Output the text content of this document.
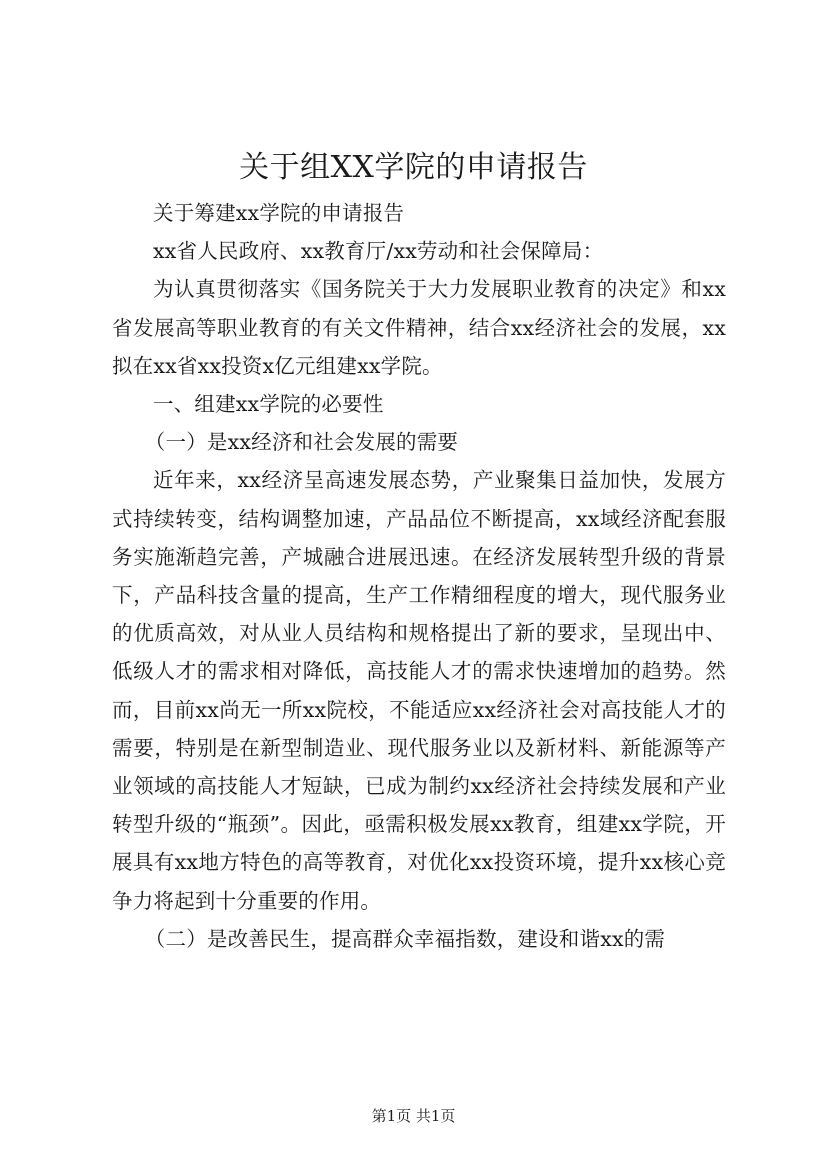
关于组XX学院的申请报告

关于筹建xx学院的申请报告

xx省人民政府、xx教育厅/xx劳动和社会保障局：

为认真贯彻落实《国务院关于大力发展职业教育的决定》和xx省发展高等职业教育的有关文件精神，结合xx经济社会的发展，xx拟在xx省xx投资x亿元组建xx学院。

一、组建xx学院的必要性

（一）是xx经济和社会发展的需要

近年来，xx经济呈高速发展态势，产业聚集日益加快，发展方式持续转变，结构调整加速，产品品位不断提高，xx域经济配套服务实施渐趋完善，产城融合进展迅速。在经济发展转型升级的背景下，产品科技含量的提高，生产工作精细程度的增大，现代服务业的优质高效，对从业人员结构和规格提出了新的要求，呈现出中、低级人才的需求相对降低，高技能人才的需求快速增加的趋势。然而，目前xx尚无一所xx院校，不能适应xx经济社会对高技能人才的需要，特别是在新型制造业、现代服务业以及新材料、新能源等产业领域的高技能人才短缺，已成为制约xx经济社会持续发展和产业转型升级的“瓶颈”。因此，亟需积极发展xx教育，组建xx学院，开展具有xx地方特色的高等教育，对优化xx投资环境，提升xx核心竞争力将起到十分重要的作用。

（二）是改善民生，提高群众幸福指数，建设和谐xx的需

第1页 共1页
